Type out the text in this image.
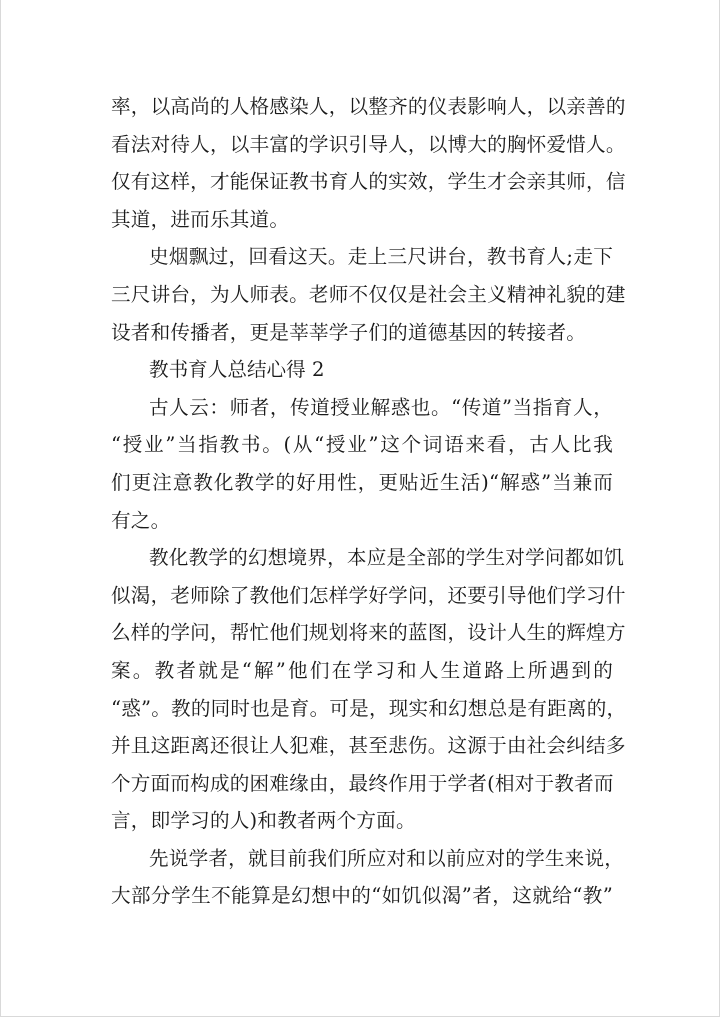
率，以高尚的人格感染人，以整齐的仪表影响人，以亲善的
看法对待人，以丰富的学识引导人，以博大的胸怀爱惜人。
仅有这样，才能保证教书育人的实效，学生才会亲其师，信
其道，进而乐其道。

史烟飘过，回看这天。走上三尺讲台，教书育人;走下
三尺讲台，为人师表。老师不仅仅是社会主义精神礼貌的建
设者和传播者，更是莘莘学子们的道德基因的转接者。

教书育人总结心得 2

古人云：师者，传道授业解惑也。“传道”当指育人，
“授业”当指教书。(从“授业”这个词语来看，古人比我
们更注意教化教学的好用性，更贴近生活)“解惑”当兼而
有之。

教化教学的幻想境界，本应是全部的学生对学问都如饥
似渴，老师除了教他们怎样学好学问，还要引导他们学习什
么样的学问，帮忙他们规划将来的蓝图，设计人生的辉煌方
案。教者就是“解”他们在学习和人生道路上所遇到的
“惑”。教的同时也是育。可是，现实和幻想总是有距离的，
并且这距离还很让人犯难，甚至悲伤。这源于由社会纠结多
个方面而构成的困难缘由，最终作用于学者(相对于教者而
言，即学习的人)和教者两个方面。

先说学者，就目前我们所应对和以前应对的学生来说，
大部分学生不能算是幻想中的“如饥似渴”者，这就给“教”
